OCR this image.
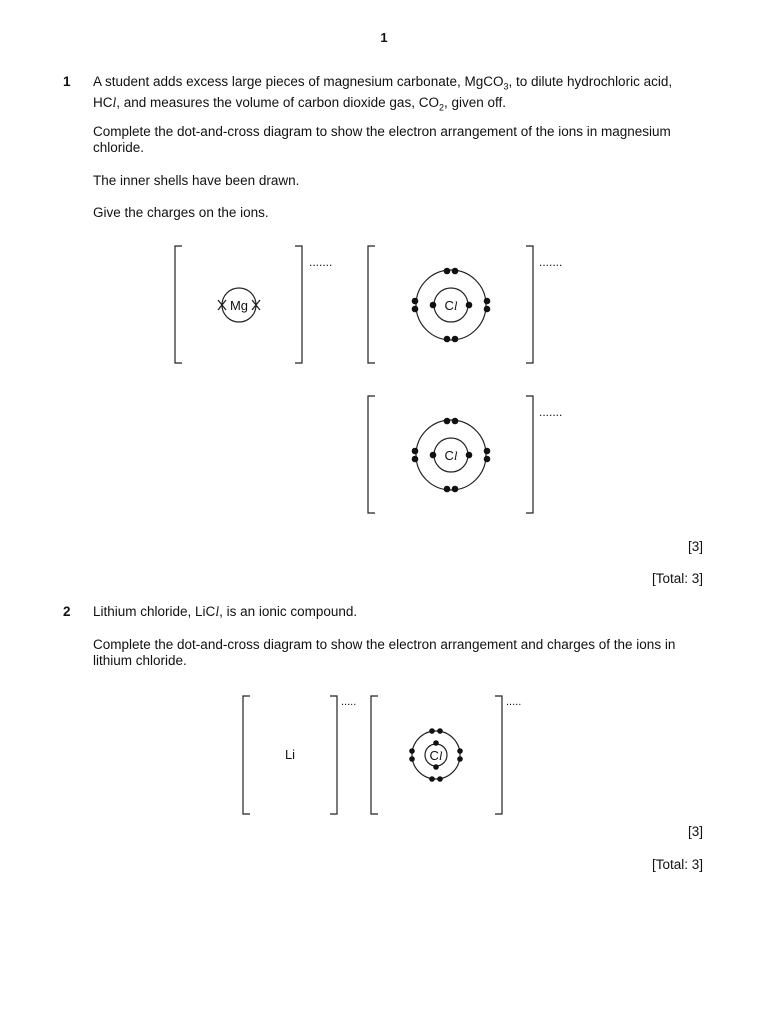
1
1 A student adds excess large pieces of magnesium carbonate, MgCO$_3$, to dilute hydrochloric acid,
HCl, and measures the volume of carbon dioxide gas, $CO_2$, given off.
Complete the dot-and-cross diagram to show the electron arrangement of the ions in magnesium chloride.
The inner shells have been drawn.
Give the charges on the ions.
Mg	Cl
Cl
.......	.......
.......
Li	Cl
.....	.....
[3]
[Total: 3]
2 Lithium chloride, LiCl, is an ionic compound.
Complete the dot-and-cross diagram to show the electron arrangement and charges of the ions in lithium chloride.
[3]
[Total: 3]
